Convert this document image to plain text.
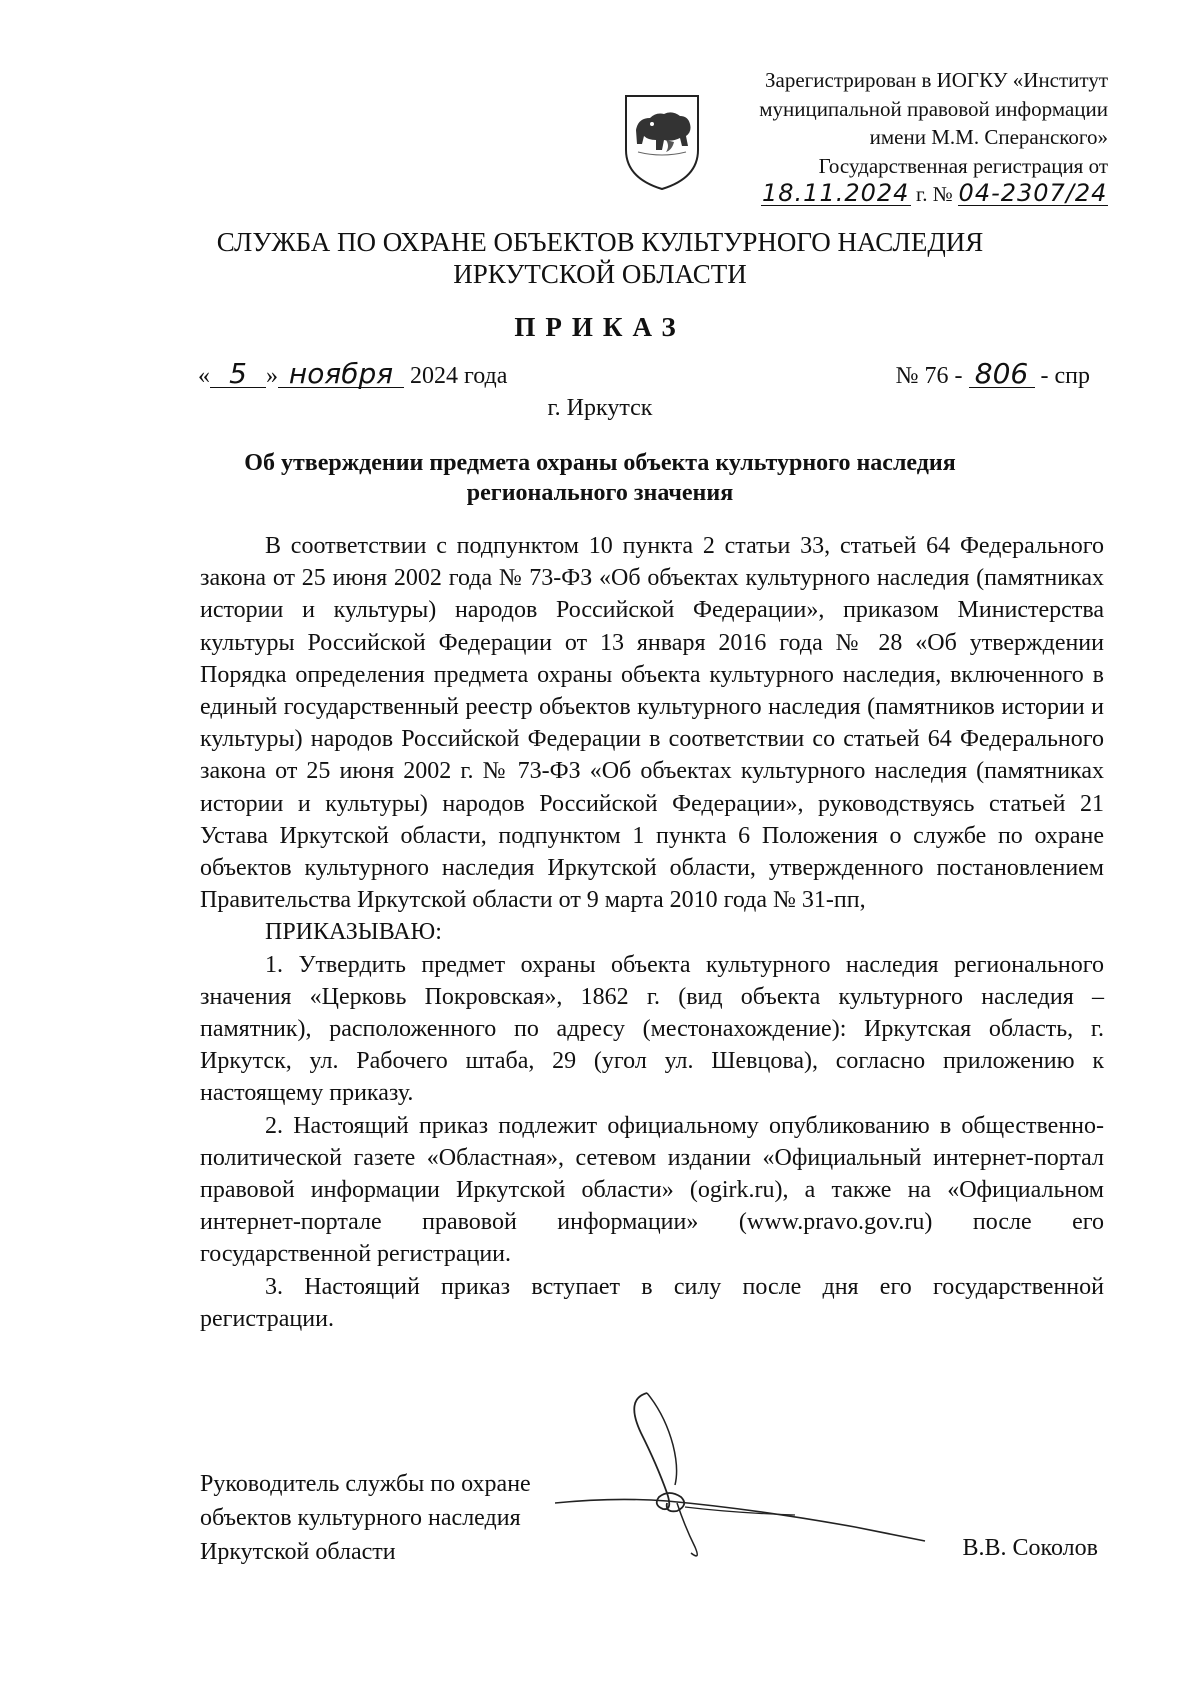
Зарегистрирован в ИОГКУ «Институт
муниципальной правовой информации
имени М.М. Сперанского»
Государственная регистрация от
18.11.2024 г. № 04-2307/24
СЛУЖБА ПО ОХРАНЕ ОБЪЕКТОВ КУЛЬТУРНОГО НАСЛЕДИЯ
ИРКУТСКОЙ ОБЛАСТИ
ПРИКАЗ
« 5 » ноября 2024 года	№ 76 - 806 - спр
г. Иркутск
Об утверждении предмета охраны объекта культурного наследия
регионального значения

В соответствии с подпунктом 10 пункта 2 статьи 33, статьей 64 Федерального закона от 25 июня 2002 года № 73-ФЗ «Об объектах культурного наследия (памятниках истории и культуры) народов Российской Федерации», приказом Министерства культуры Российской Федерации от 13 января 2016 года № 28 «Об утверждении Порядка определения предмета охраны объекта культурного наследия, включенного в единый государственный реестр объектов культурного наследия (памятников истории и культуры) народов Российской Федерации в соответствии со статьей 64 Федерального закона от 25 июня 2002 г. № 73-ФЗ «Об объектах культурного наследия (памятниках истории и культуры) народов Российской Федерации», руководствуясь статьей 21 Устава Иркутской области, подпунктом 1 пункта 6 Положения о службе по охране объектов культурного наследия Иркутской области, утвержденного постановлением Правительства Иркутской области от 9 марта 2010 года № 31-пп,

ПРИКАЗЫВАЮ:

1. Утвердить предмет охраны объекта культурного наследия регионального значения «Церковь Покровская», 1862 г. (вид объекта культурного наследия – памятник), расположенного по адресу (местонахождение): Иркутская область, г. Иркутск, ул. Рабочего штаба, 29 (угол ул. Шевцова), согласно приложению к настоящему приказу.

2. Настоящий приказ подлежит официальному опубликованию в общественно-политической газете «Областная», сетевом издании «Официальный интернет-портал правовой информации Иркутской области» (ogirk.ru), а также на «Официальном интернет-портале правовой информации» (www.pravo.gov.ru) после его государственной регистрации.

3. Настоящий приказ вступает в силу после дня его государственной регистрации.

Руководитель службы по охране
объектов культурного наследия
Иркутской области	В.В. Соколов
